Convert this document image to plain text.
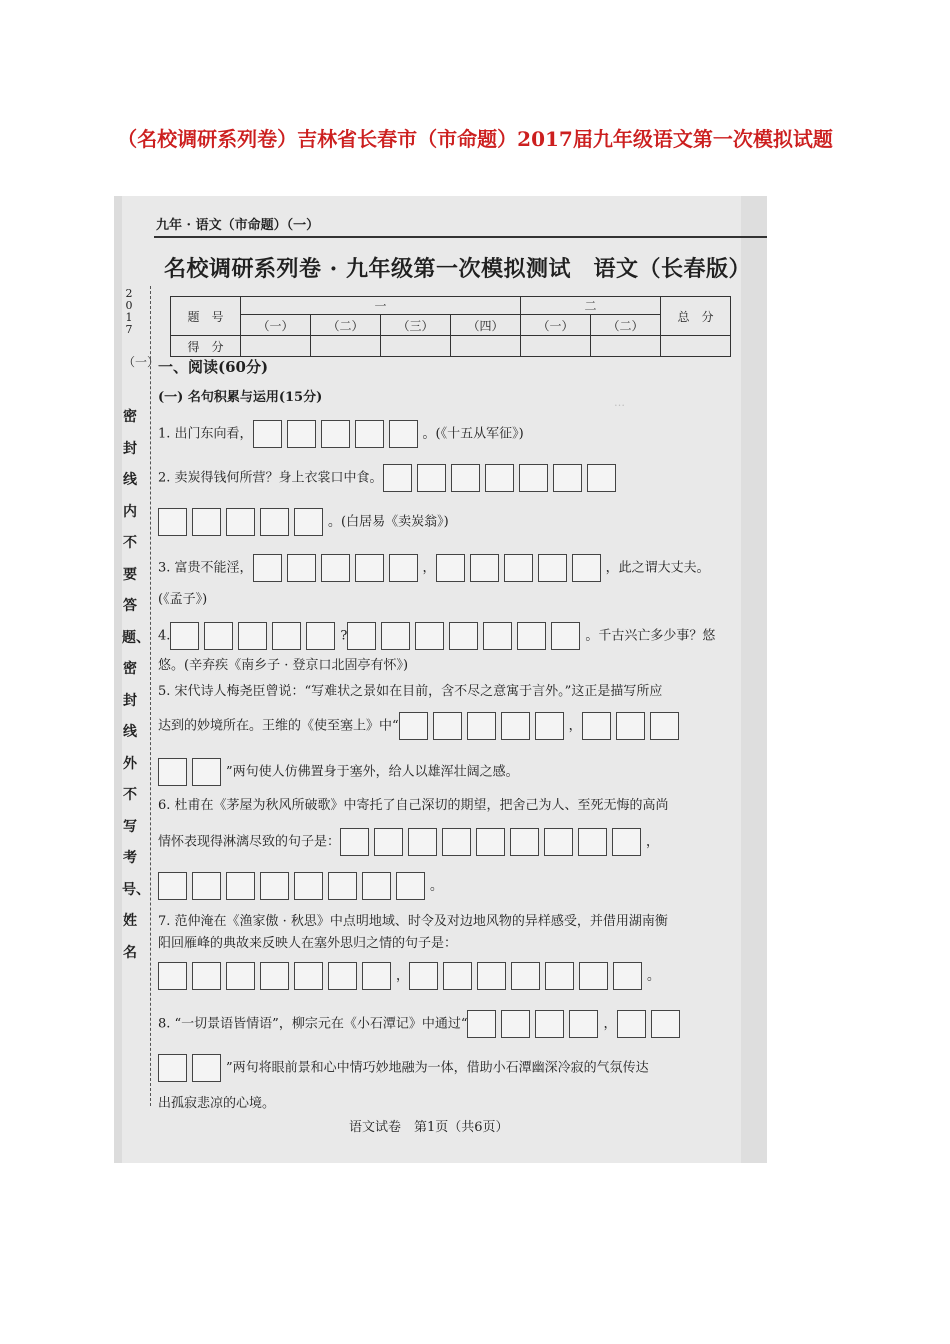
（名校调研系列卷）吉林省长春市（市命题）2017届九年级语文第一次模拟试题
…
九年 · 语文（市命题）（一）
名校调研系列卷 · 九年级第一次模拟测试　语文（长春版）
2017
（一）
密封线内不要答题、密封线外不写考号、姓名
题　号	一				二		总　分
	（一）	（二）	（三）	（四）	（一）	（二）	
得　分							
一、阅读(60分)
(一) 名句积累与运用(15分)
1. 出门东向看，	。(《十五从军征》)
2. 卖炭得钱何所营？身上衣裳口中食。
。(白居易《卖炭翁》)
3. 富贵不能淫，	，	，此之谓大丈夫。
(《孟子》)
4.	?	。千古兴亡多少事？悠
悠。(辛弃疾《南乡子 · 登京口北固亭有怀》)
5. 宋代诗人梅尧臣曾说：“写难状之景如在目前，含不尽之意寓于言外。”这正是描写所应
达到的妙境所在。王维的《使至塞上》中“	，
”两句使人仿佛置身于塞外，给人以雄浑壮阔之感。
6. 杜甫在《茅屋为秋风所破歌》中寄托了自己深切的期望，把舍己为人、至死无悔的高尚
情怀表现得淋漓尽致的句子是：	，
。
7. 范仲淹在《渔家傲 · 秋思》中点明地域、时令及对边地风物的异样感受，并借用湖南衡
阳回雁峰的典故来反映人在塞外思归之情的句子是：
，	。
8. “一切景语皆情语”，柳宗元在《小石潭记》中通过“	，
”两句将眼前景和心中情巧妙地融为一体，借助小石潭幽深冷寂的气氛传达
出孤寂悲凉的心境。
语文试卷　第1页（共6页）
